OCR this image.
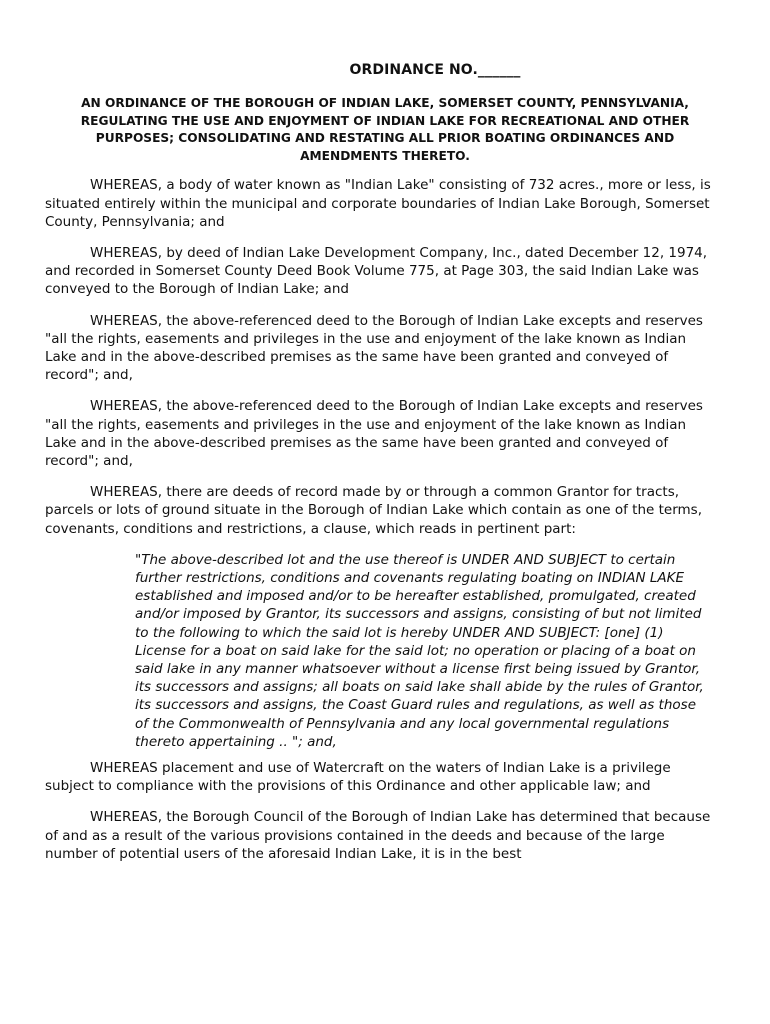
ORDINANCE NO.______
AN ORDINANCE OF THE BOROUGH OF INDIAN LAKE, SOMERSET COUNTY, PENNSYLVANIA, REGULATING THE USE AND ENJOYMENT OF INDIAN LAKE FOR RECREATIONAL AND OTHER PURPOSES; CONSOLIDATING AND RESTATING ALL PRIOR BOATING ORDINANCES AND AMENDMENTS THERETO.

WHEREAS, a body of water known as "Indian Lake" consisting of 732 acres., more or less, is situated entirely within the municipal and corporate boundaries of Indian Lake Borough, Somerset County, Pennsylvania; and

WHEREAS, by deed of Indian Lake Development Company, Inc., dated December 12, 1974, and recorded in Somerset County Deed Book Volume 775, at Page 303, the said Indian Lake was conveyed to the Borough of Indian Lake; and

WHEREAS, the above-referenced deed to the Borough of Indian Lake excepts and reserves "all the rights, easements and privileges in the use and enjoyment of the lake known as Indian Lake and in the above-described premises as the same have been granted and conveyed of record"; and,

WHEREAS, the above-referenced deed to the Borough of Indian Lake excepts and reserves "all the rights, easements and privileges in the use and enjoyment of the lake known as Indian Lake and in the above-described premises as the same have been granted and conveyed of record"; and,

WHEREAS, there are deeds of record made by or through a common Grantor for tracts, parcels or lots of ground situate in the Borough of Indian Lake which contain as one of the terms, covenants, conditions and restrictions, a clause, which reads in pertinent part:

"The above-described lot and the use thereof is UNDER AND SUBJECT to certain further restrictions, conditions and covenants regulating boating on INDIAN LAKE established and imposed and/or to be hereafter established, promulgated, created and/or imposed by Grantor, its successors and assigns, consisting of but not limited to the following to which the said lot is hereby UNDER AND SUBJECT: [one] (1) License for a boat on said lake for the said lot; no operation or placing of a boat on said lake in any manner whatsoever without a license first being issued by Grantor, its successors and assigns; all boats on said lake shall abide by the rules of Grantor, its successors and assigns, the Coast Guard rules and regulations, as well as those of the Commonwealth of Pennsylvania and any local governmental regulations thereto appertaining .. "; and,

WHEREAS placement and use of Watercraft on the waters of Indian Lake is a privilege subject to compliance with the provisions of this Ordinance and other applicable law; and

WHEREAS, the Borough Council of the Borough of Indian Lake has determined that because of and as a result of the various provisions contained in the deeds and because of the large number of potential users of the aforesaid Indian Lake, it is in the best
